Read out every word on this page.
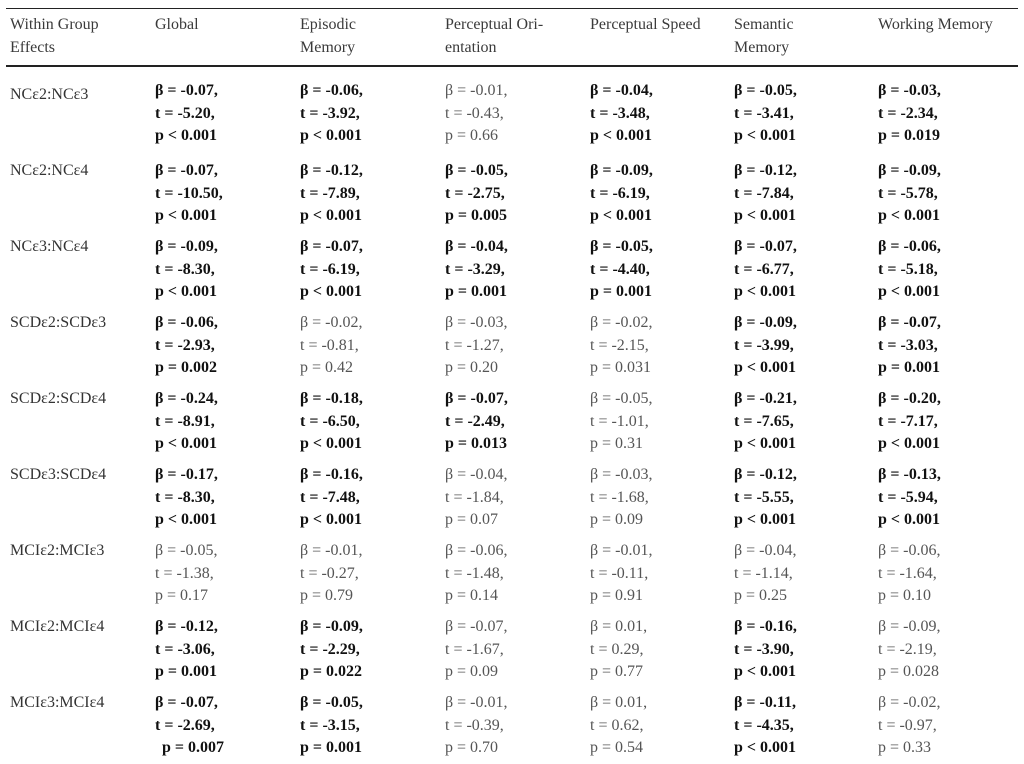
Within Group
Effects	Global	Episodic
Memory	Perceptual Ori-
entation	Perceptual Speed	Semantic
Memory	Working Memory

NCε2:NCε3	β = -0.07,
t = -5.20,
p < 0.001	β = -0.06,
t = -3.92,
p < 0.001	β = -0.01,
t = -0.43,
p = 0.66	β = -0.04,
t = -3.48,
p < 0.001	β = -0.05,
t = -3.41,
p < 0.001	β = -0.03,
t = -2.34,
p = 0.019

NCε2:NCε4	β = -0.07,
t = -10.50,
p < 0.001	β = -0.12,
t = -7.89,
p < 0.001	β = -0.05,
t = -2.75,
p = 0.005	β = -0.09,
t = -6.19,
p < 0.001	β = -0.12,
t = -7.84,
p < 0.001	β = -0.09,
t = -5.78,
p < 0.001

NCε3:NCε4	β = -0.09,
t = -8.30,
p < 0.001	β = -0.07,
t = -6.19,
p < 0.001	β = -0.04,
t = -3.29,
p = 0.001	β = -0.05,
t = -4.40,
p = 0.001	β = -0.07,
t = -6.77,
p < 0.001	β = -0.06,
t = -5.18,
p < 0.001

SCDε2:SCDε3	β = -0.06,
t = -2.93,
p = 0.002	β = -0.02,
t = -0.81,
p = 0.42	β = -0.03,
t = -1.27,
p = 0.20	β = -0.02,
t = -2.15,
p = 0.031	β = -0.09,
t = -3.99,
p < 0.001	β = -0.07,
t = -3.03,
p = 0.001

SCDε2:SCDε4	β = -0.24,
t = -8.91,
p < 0.001	β = -0.18,
t = -6.50,
p < 0.001	β = -0.07,
t = -2.49,
p = 0.013	β = -0.05,
t = -1.01,
p = 0.31	β = -0.21,
t = -7.65,
p < 0.001	β = -0.20,
t = -7.17,
p < 0.001

SCDε3:SCDε4	β = -0.17,
t = -8.30,
p < 0.001	β = -0.16,
t = -7.48,
p < 0.001	β = -0.04,
t = -1.84,
p = 0.07	β = -0.03,
t = -1.68,
p = 0.09	β = -0.12,
t = -5.55,
p < 0.001	β = -0.13,
t = -5.94,
p < 0.001

MCIε2:MCIε3	β = -0.05,
t = -1.38,
p = 0.17	β = -0.01,
t = -0.27,
p = 0.79	β = -0.06,
t = -1.48,
p = 0.14	β = -0.01,
t = -0.11,
p = 0.91	β = -0.04,
t = -1.14,
p = 0.25	β = -0.06,
t = -1.64,
p = 0.10

MCIε2:MCIε4	β = -0.12,
t = -3.06,
p = 0.001	β = -0.09,
t = -2.29,
p = 0.022	β = -0.07,
t = -1.67,
p = 0.09	β = 0.01,
t = 0.29,
p = 0.77	β = -0.16,
t = -3.90,
p < 0.001	β = -0.09,
t = -2.19,
p = 0.028

MCIε3:MCIε4	β = -0.07,
t = -2.69,
p = 0.007	β = -0.05,
t = -3.15,
p = 0.001	β = -0.01,
t = -0.39,
p = 0.70	β = 0.01,
t = 0.62,
p = 0.54	β = -0.11,
t = -4.35,
p < 0.001	β = -0.02,
t = -0.97,
p = 0.33
